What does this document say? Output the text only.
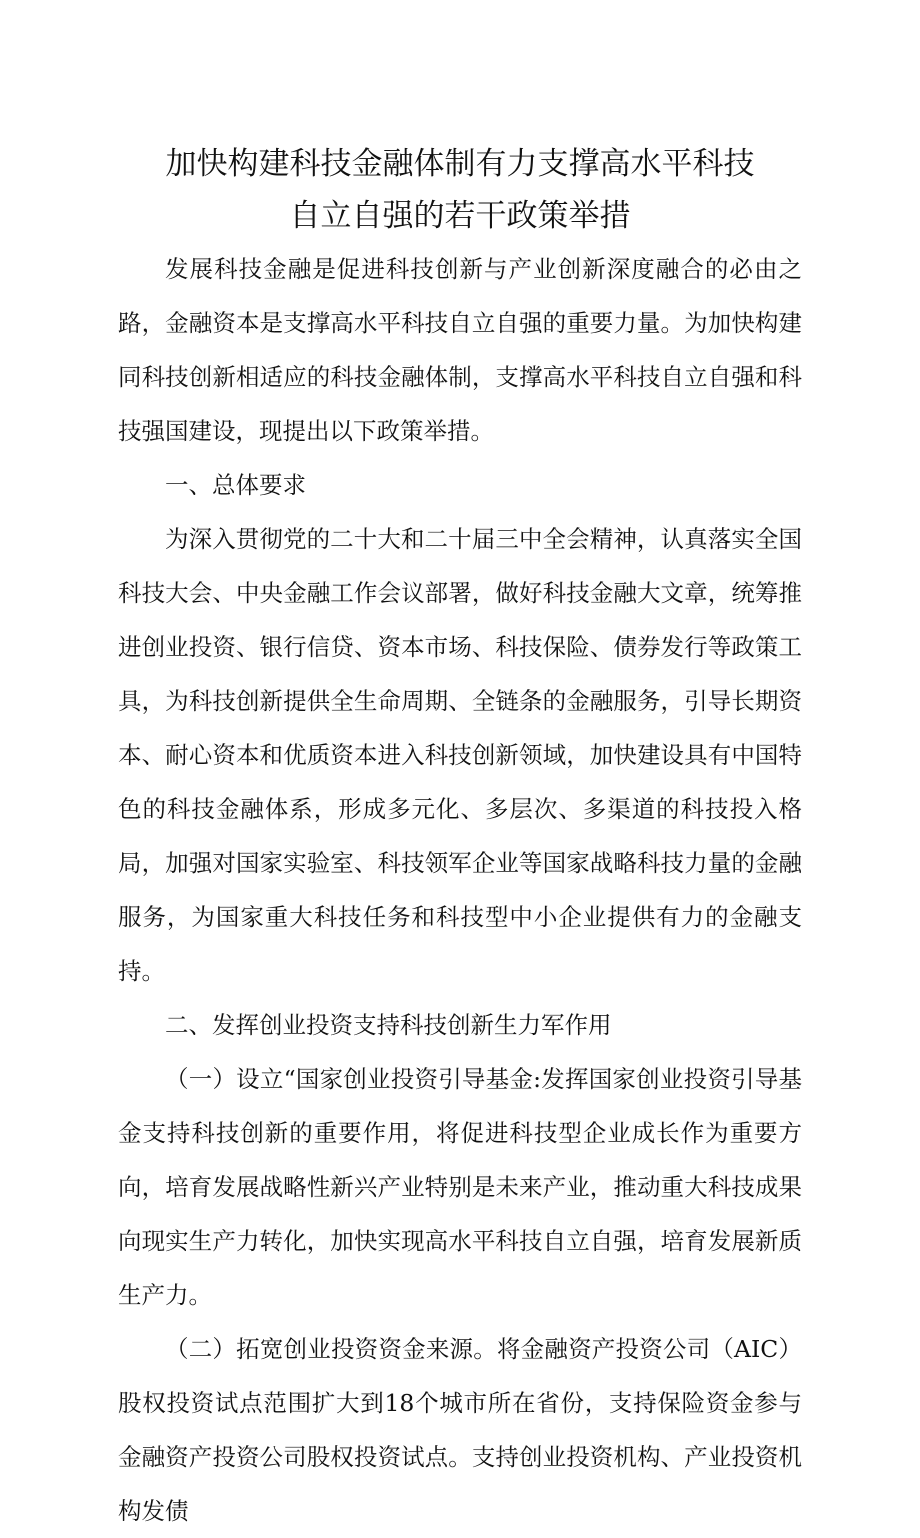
加快构建科技金融体制有力支撑高水平科技
自立自强的若干政策举措

发展科技金融是促进科技创新与产业创新深度融合的必由之路，金融资本是支撑高水平科技自立自强的重要力量。为加快构建同科技创新相适应的科技金融体制，支撑高水平科技自立自强和科技强国建设，现提出以下政策举措。

一、总体要求

为深入贯彻党的二十大和二十届三中全会精神，认真落实全国科技大会、中央金融工作会议部署，做好科技金融大文章，统筹推进创业投资、银行信贷、资本市场、科技保险、债券发行等政策工具，为科技创新提供全生命周期、全链条的金融服务，引导长期资本、耐心资本和优质资本进入科技创新领域，加快建设具有中国特色的科技金融体系，形成多元化、多层次、多渠道的科技投入格局，加强对国家实验室、科技领军企业等国家战略科技力量的金融服务，为国家重大科技任务和科技型中小企业提供有力的金融支持。

二、发挥创业投资支持科技创新生力军作用

（一）设立“国家创业投资引导基金:发挥国家创业投资引导基金支持科技创新的重要作用，将促进科技型企业成长作为重要方向，培育发展战略性新兴产业特别是未来产业，推动重大科技成果向现实生产力转化，加快实现高水平科技自立自强，培育发展新质生产力。

（二）拓宽创业投资资金来源。将金融资产投资公司（AIC）股权投资试点范围扩大到18个城市所在省份，支持保险资金参与金融资产投资公司股权投资试点。支持创业投资机构、产业投资机构发债
